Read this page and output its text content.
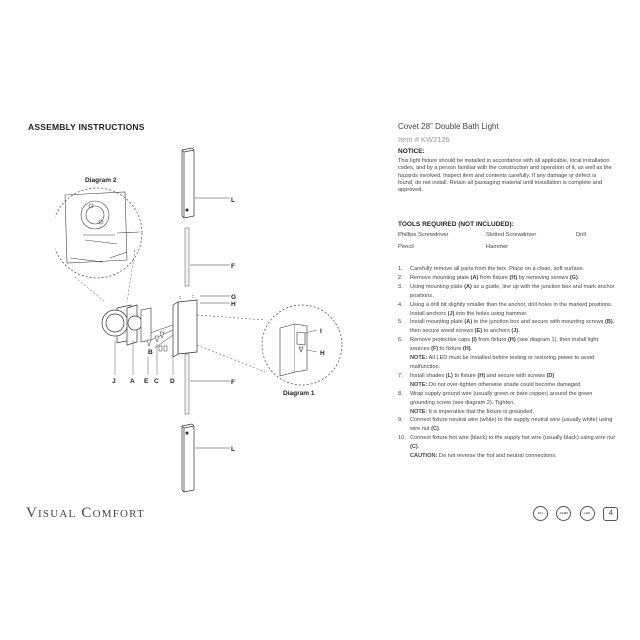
ASSEMBLY INSTRUCTIONS
Diagram 2
L
F
G
H
B
J A E C D
I
H
Diagram 1
F
L
Visual Comfort
Covet 28" Double Bath Light
Item # KW2126
NOTICE:
This light fixture should be installed in accordance with all applicable, local installation codes, and by a person familiar with the construction and operation of it, as well as the hazards involved. Inspect item and contents carefully. If any damage or defect is found, do not install. Retain all packaging material until installation is complete and approved.
TOOLS REQUIRED (NOT INCLUDED):
Phillips Screwdriver	Slotted Screwdriver	Drill
Pencil	Hammer
1. Carefully remove all parts from the box. Place on a clean, soft surface.
2. Remove mounting plate (A) from fixture (H) by removing screws (G).
3. Using mounting plate (A) as a guide, line up with the junction box and mark anchor positions.
4. Using a drill bit slightly smaller than the anchor, drill holes in the marked positions. Install anchors (J) into the holes using hammer.
5. Install mounting plate (A) to the junction box and secure with mounting screws (B), then secure wood screws (E) to anchors (J).
6. Remove protective caps (I) from fixture (H) (see diagram 1), then install light sources (F) to fixture (H).
NOTE: All LED must be installed before testing or restoring power to avoid malfunction.
7. Install shades (L) to fixture (H) and secure with screws (D)
NOTE: Do not over-tighten otherwise shade could become damaged.
8. Wrap supply ground wire (usually green or bare copper) around the green grounding screw (see diagram 2). Tighten.
NOTE: It is imperative that the fixture is grounded.
9. Connect fixture neutral wire (white) to the supply neutral wire (usually white) using wire nut (C).
10. Connect fixture hot wire (black) to the supply hot wire (usually black) using wire nut (C).
CAUTION: Do not reverse the hot and neutral connections.
ETL	DAMP	LED	4
